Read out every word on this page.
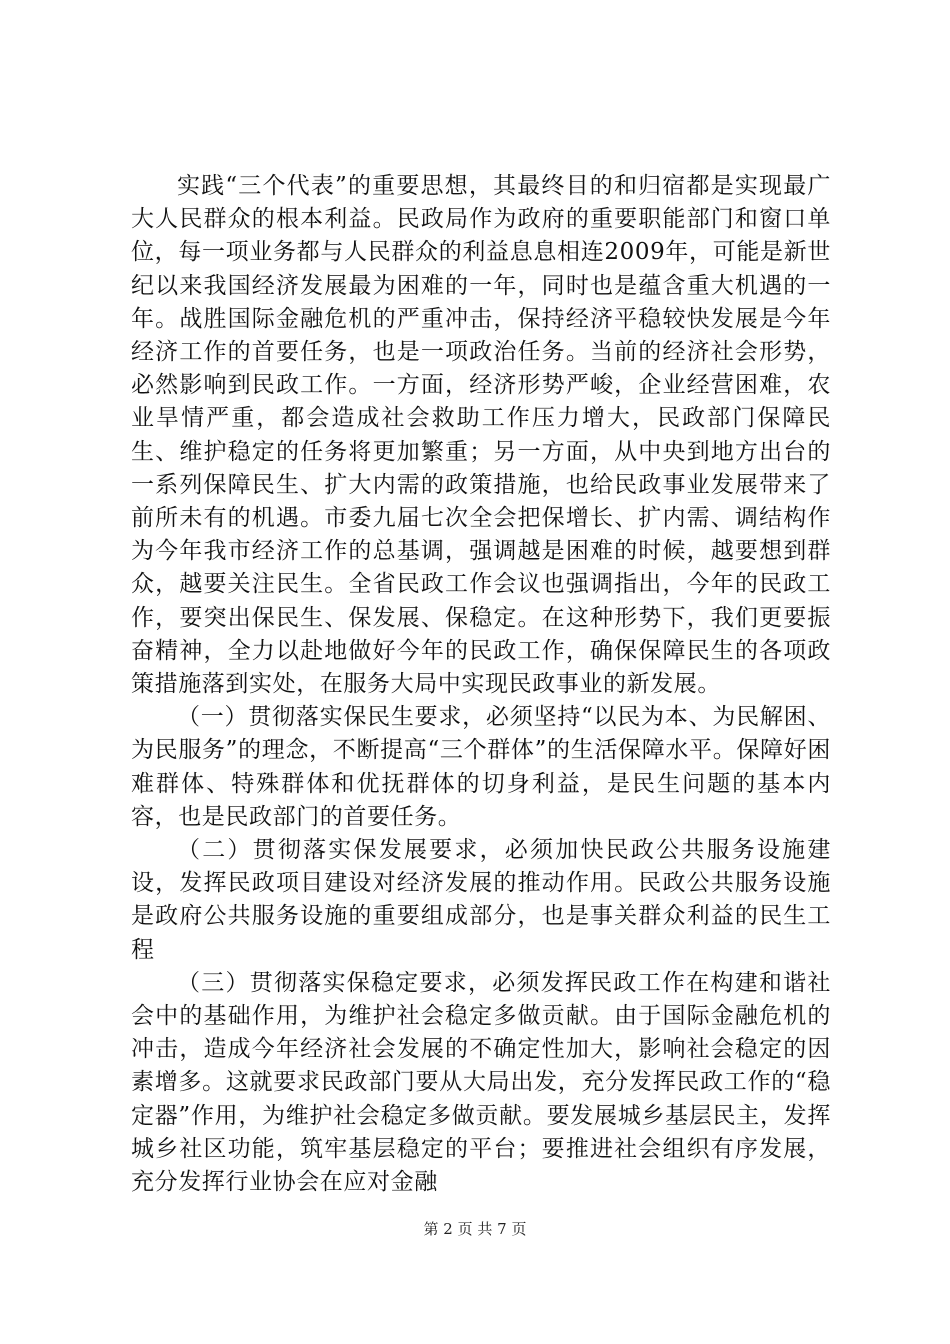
实践“三个代表”的重要思想，其最终目的和归宿都是实现最广大人民群众的根本利益。民政局作为政府的重要职能部门和窗口单位，每一项业务都与人民群众的利益息息相连2009年，可能是新世纪以来我国经济发展最为困难的一年，同时也是蕴含重大机遇的一年。战胜国际金融危机的严重冲击，保持经济平稳较快发展是今年经济工作的首要任务，也是一项政治任务。当前的经济社会形势，必然影响到民政工作。一方面，经济形势严峻，企业经营困难，农业旱情严重，都会造成社会救助工作压力增大，民政部门保障民生、维护稳定的任务将更加繁重；另一方面，从中央到地方出台的一系列保障民生、扩大内需的政策措施，也给民政事业发展带来了前所未有的机遇。市委九届七次全会把保增长、扩内需、调结构作为今年我市经济工作的总基调，强调越是困难的时候，越要想到群众，越要关注民生。全省民政工作会议也强调指出，今年的民政工作，要突出保民生、保发展、保稳定。在这种形势下，我们更要振奋精神，全力以赴地做好今年的民政工作，确保保障民生的各项政策措施落到实处，在服务大局中实现民政事业的新发展。

（一）贯彻落实保民生要求，必须坚持“以民为本、为民解困、为民服务”的理念，不断提高“三个群体”的生活保障水平。保障好困难群体、特殊群体和优抚群体的切身利益，是民生问题的基本内容，也是民政部门的首要任务。

（二）贯彻落实保发展要求，必须加快民政公共服务设施建设，发挥民政项目建设对经济发展的推动作用。民政公共服务设施是政府公共服务设施的重要组成部分，也是事关群众利益的民生工程

（三）贯彻落实保稳定要求，必须发挥民政工作在构建和谐社会中的基础作用，为维护社会稳定多做贡献。由于国际金融危机的冲击，造成今年经济社会发展的不确定性加大，影响社会稳定的因素增多。这就要求民政部门要从大局出发，充分发挥民政工作的“稳定器”作用，为维护社会稳定多做贡献。要发展城乡基层民主，发挥城乡社区功能，筑牢基层稳定的平台；要推进社会组织有序发展，充分发挥行业协会在应对金融

第 2 页 共 7 页
